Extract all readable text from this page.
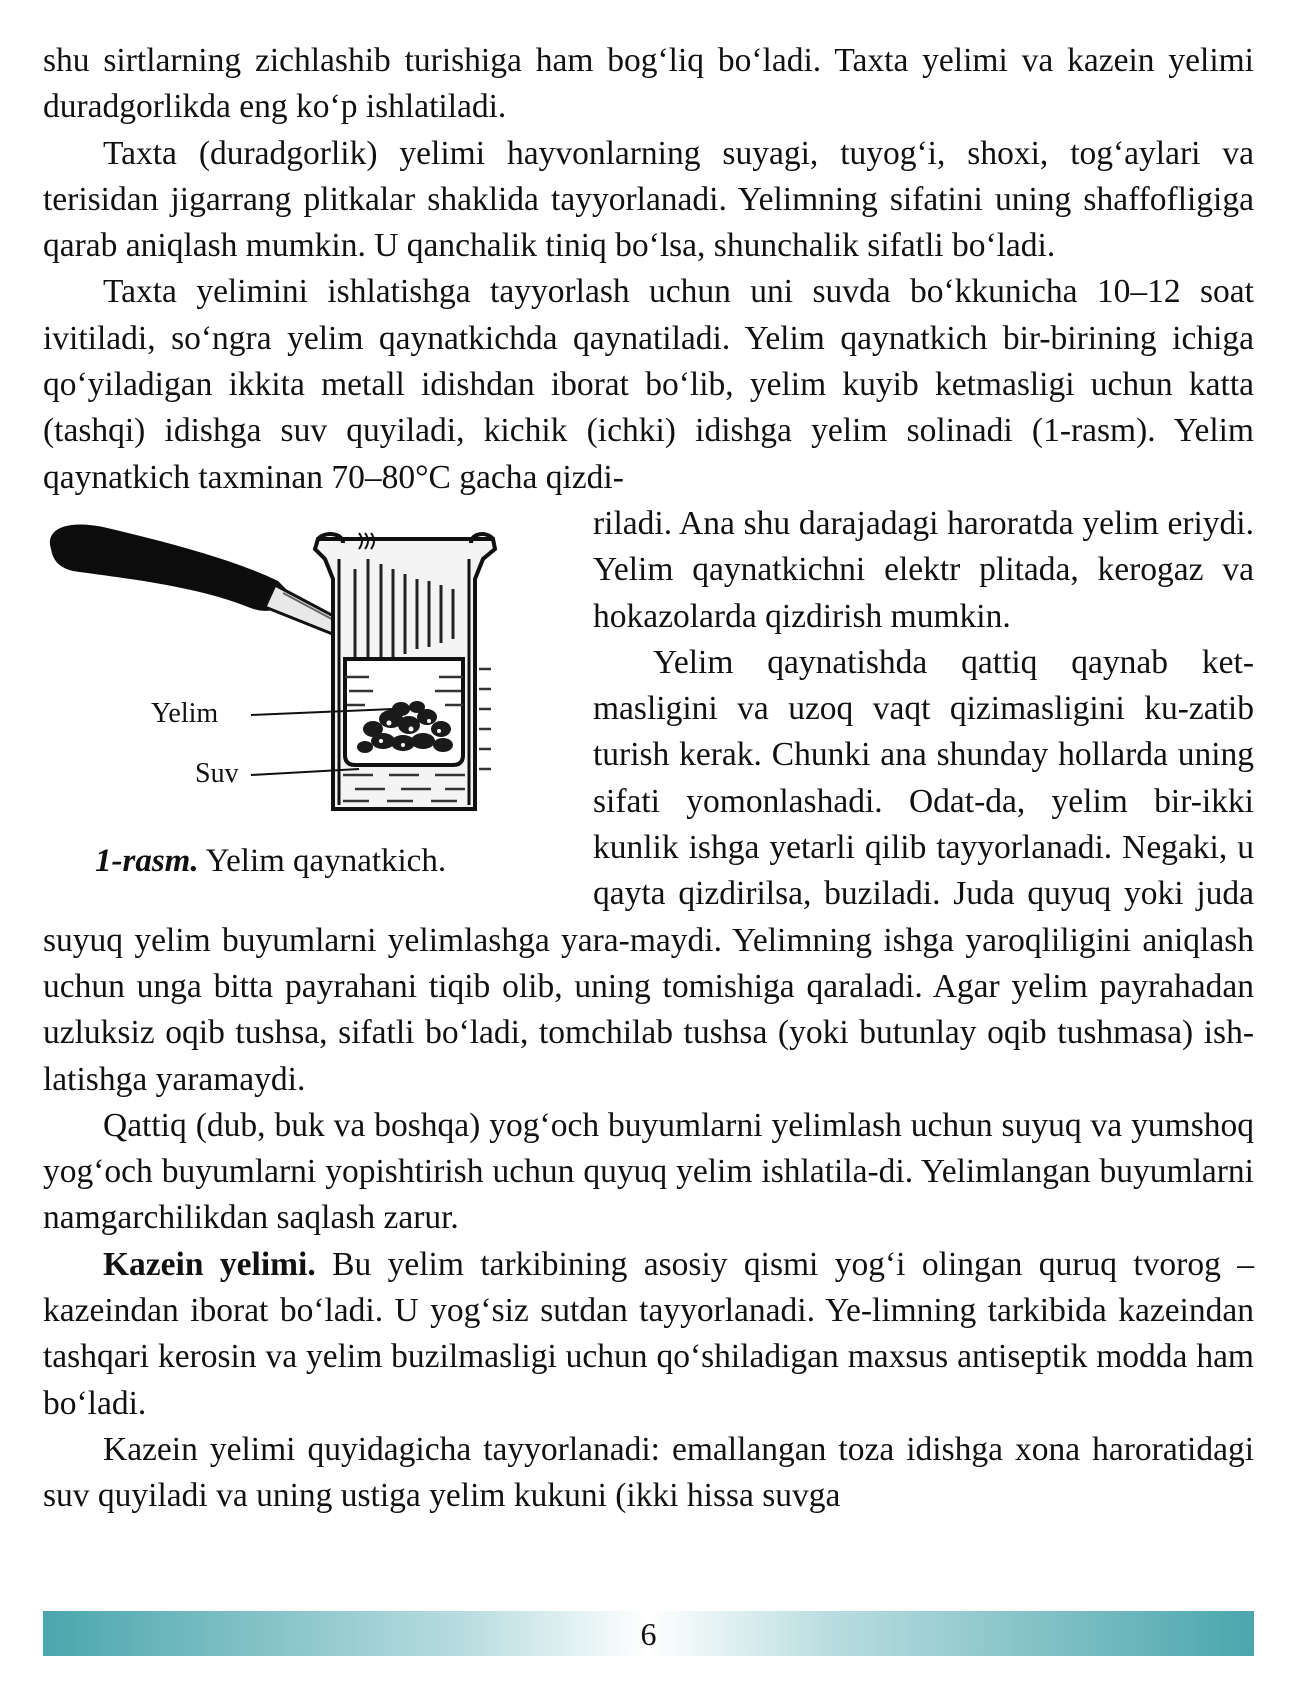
shu sirtlarning zichlashib turishiga ham bog‘liq bo‘ladi. Taxta yelimi va kazein yelimi duradgorlikda eng ko‘p ishlatiladi.

Taxta (duradgorlik) yelimi hayvonlarning suyagi, tuyog‘i, shoxi, tog‘aylari va terisidan jigarrang plitkalar shaklida tayyorlanadi. Yelimning sifatini uning shaffofligiga qarab aniqlash mumkin. U qanchalik tiniq bo‘lsa, shunchalik sifatli bo‘ladi.

Taxta yelimini ishlatishga tayyorlash uchun uni suvda bo‘kkunicha 10–12 soat ivitiladi, so‘ngra yelim qaynatkichda qaynatiladi. Yelim qaynatkich bir-birining ichiga qo‘yiladigan ikkita metall idishdan iborat bo‘lib, yelim kuyib ketmasligi uchun katta (tashqi) idishga suv quyiladi, kichik (ichki) idishga yelim solinadi (1-rasm). Yelim qaynatkich taxminan 70–80°C gacha qizdi-

Yelim
Suv
1-rasm. Yelim qaynatkich.

riladi. Ana shu darajadagi haroratda yelim eriydi. Yelim qaynatkichni elektr plitada, kerogaz va hokazolarda qizdirish mumkin.

Yelim qaynatishda qattiq qaynab ket-masligini va uzoq vaqt qizimasligini ku-zatib turish kerak. Chunki ana shunday hollarda uning sifati yomonlashadi. Odat-da, yelim bir-ikki kunlik ishga yetarli qilib tayyorlanadi. Negaki, u qayta qizdirilsa, buziladi. Juda quyuq yoki juda suyuq yelim buyumlarni yelimlashga yara-maydi. Yelimning ishga yaroqliligini aniqlash uchun unga bitta payrahani tiqib olib, uning tomishiga qaraladi. Agar yelim payrahadan uzluksiz oqib tushsa, sifatli bo‘ladi, tomchilab tushsa (yoki butunlay oqib tushmasa) ish-latishga yaramaydi.

Qattiq (dub, buk va boshqa) yog‘och buyumlarni yelimlash uchun suyuq va yumshoq yog‘och buyumlarni yopishtirish uchun quyuq yelim ishlatila-di. Yelimlangan buyumlarni namgarchilikdan saqlash zarur.

Kazein yelimi. Bu yelim tarkibining asosiy qismi yog‘i olingan quruq tvorog – kazeindan iborat bo‘ladi. U yog‘siz sutdan tayyorlanadi. Ye-limning tarkibida kazeindan tashqari kerosin va yelim buzilmasligi uchun qo‘shiladigan maxsus antiseptik modda ham bo‘ladi.

Kazein yelimi quyidagicha tayyorlanadi: emallangan toza idishga xona haroratidagi suv quyiladi va uning ustiga yelim kukuni (ikki hissa suvga

6
